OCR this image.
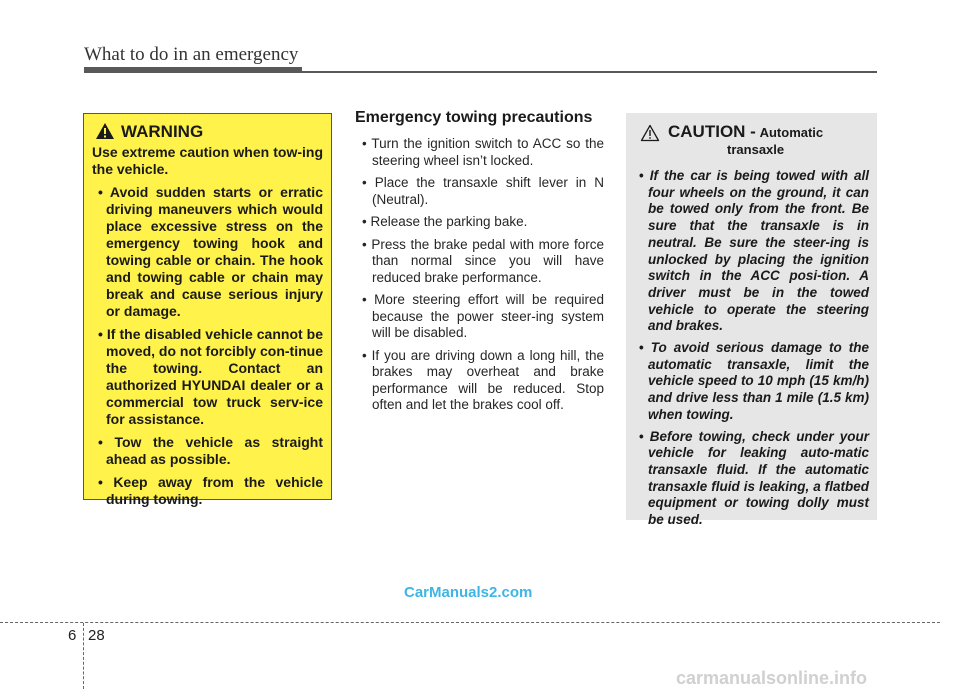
What to do in an emergency
WARNING
Use extreme caution when tow-ing the vehicle.
• Avoid sudden starts or erratic driving maneuvers which would place excessive stress on the emergency towing hook and towing cable or chain. The hook and towing cable or chain may break and cause serious injury or damage.
• If the disabled vehicle cannot be moved, do not forcibly con-tinue the towing. Contact an authorized HYUNDAI dealer or a commercial tow truck serv-ice for assistance.
• Tow the vehicle as straight ahead as possible.
• Keep away from the vehicle during towing.
Emergency towing precautions
• Turn the ignition switch to ACC so the steering wheel isn’t locked.
• Place the transaxle shift lever in N (Neutral).
• Release the parking bake.
• Press the brake pedal with more force than normal since you will have reduced brake performance.
• More steering effort will be required because the power steer-ing system will be disabled.
• If you are driving down a long hill, the brakes may overheat and brake performance will be reduced. Stop often and let the brakes cool off.
CAUTION - Automatic
transaxle
• If the car is being towed with all four wheels on the ground, it can be towed only from the front. Be sure that the transaxle is in neutral. Be sure the steer-ing is unlocked by placing the ignition switch in the ACC posi-tion. A driver must be in the towed vehicle to operate the steering and brakes.
• To avoid serious damage to the automatic transaxle, limit the vehicle speed to 10 mph (15 km/h) and drive less than 1 mile (1.5 km) when towing.
• Before towing, check under your vehicle for leaking auto-matic transaxle fluid. If the automatic transaxle fluid is leaking, a flatbed equipment or towing dolly must be used.
CarManuals2.com
6 28
carmanualsonline.info
